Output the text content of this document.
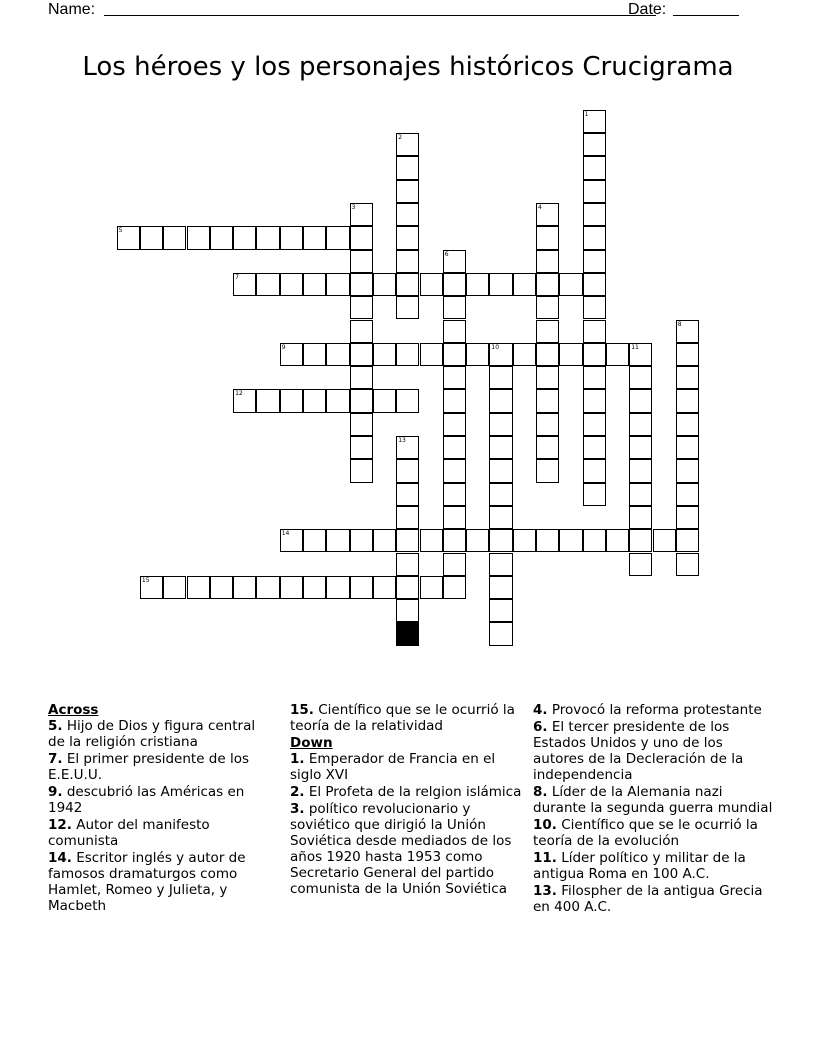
Name:	Date:
Los héroes y los personajes históricos Crucigrama
1
2
3	4
5
6
7
8
9	10	11
12
13
14
15
Across
5. Hijo de Dios y figura central de la religión cristiana
7. El primer presidente de los E.E.U.U.
9. descubrió las Américas en 1942
12. Autor del manifesto comunista
14. Escritor inglés y autor de famosos dramaturgos como Hamlet, Romeo y Julieta, y Macbeth
15. Científico que se le ocurrió la teoría de la relatividad
Down
1. Emperador de Francia en el siglo XVI
2. El Profeta de la relgion islámica
3. político revolucionario y soviético que dirigió la Unión Soviética desde mediados de los años 1920 hasta 1953 como Secretario General del partido comunista de la Unión Soviética
4. Provocó la reforma protestante
6. El tercer presidente de los Estados Unidos y uno de los autores de la Decleración de la independencia
8. Líder de la Alemania nazi durante la segunda guerra mundial
10. Científico que se le ocurrió la teoría de la evolución
11. Líder político y militar de la antigua Roma en 100 A.C.
13. Filospher de la antigua Grecia en 400 A.C.
